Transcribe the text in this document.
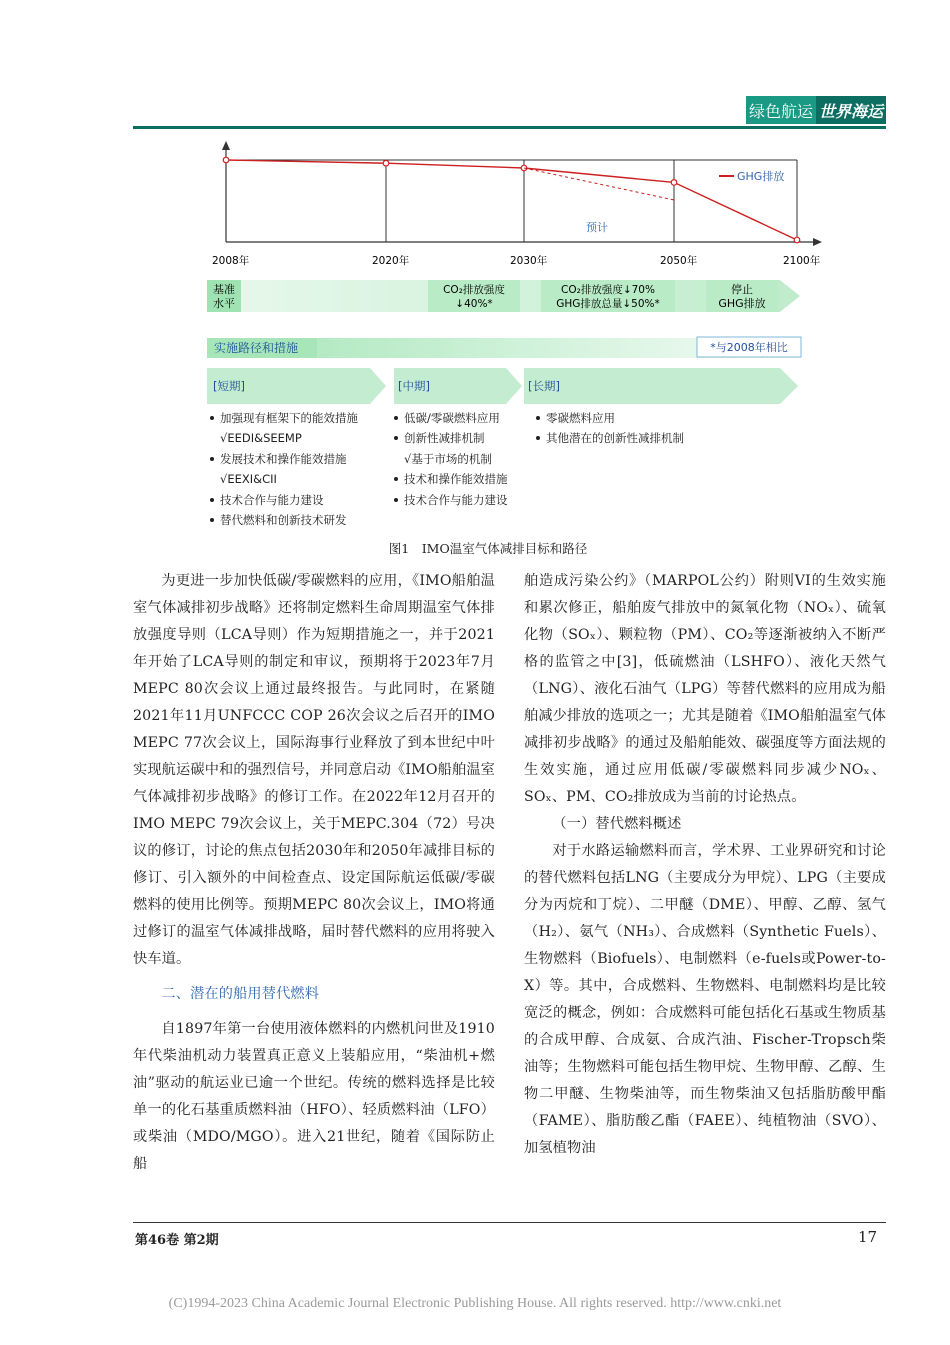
绿色航运 世界海运
GHG排放
预计
2008年	2020年	2030年	2050年	2100年
基准
水平
CO₂排放强度
↓40%*
CO₂排放强度↓70%
GHG排放总量↓50%*
停止
GHG排放
实施路径和措施	*与2008年相比
[短期]	[中期]	[长期]
加强现有框架下的能效措施
√EEDI&SEEMP
发展技术和操作能效措施
√EEXI&CII
技术合作与能力建设
替代燃料和创新技术研发
低碳/零碳燃料应用
创新性减排机制
√基于市场的机制
技术和操作能效措施
技术合作与能力建设
零碳燃料应用
其他潜在的创新性减排机制
图1　IMO温室气体减排目标和路径

为更进一步加快低碳/零碳燃料的应用，《IMO船舶温室气体减排初步战略》还将制定燃料生命周期温室气体排放强度导则（LCA导则）作为短期措施之一，并于2021年开始了LCA导则的制定和审议，预期将于2023年7月MEPC 80次会议上通过最终报告。与此同时，在紧随2021年11月UNFCCC COP 26次会议之后召开的IMO MEPC 77次会议上，国际海事行业释放了到本世纪中叶实现航运碳中和的强烈信号，并同意启动《IMO船舶温室气体减排初步战略》的修订工作。在2022年12月召开的IMO MEPC 79次会议上，关于MEPC.304（72）号决议的修订，讨论的焦点包括2030年和2050年减排目标的修订、引入额外的中间检查点、设定国际航运低碳/零碳燃料的使用比例等。预期MEPC 80次会议上，IMO将通过修订的温室气体减排战略，届时替代燃料的应用将驶入快车道。

二、潜在的船用替代燃料

自1897年第一台使用液体燃料的内燃机问世及1910年代柴油机动力装置真正意义上装船应用，“柴油机+燃油”驱动的航运业已逾一个世纪。传统的燃料选择是比较单一的化石基重质燃料油（HFO）、轻质燃料油（LFO）或柴油（MDO/MGO）。进入21世纪，随着《国际防止船

舶造成污染公约》（MARPOL公约）附则VI的生效实施和累次修正，船舶废气排放中的氮氧化物（NOₓ）、硫氧化物（SOₓ）、颗粒物（PM）、CO₂等逐渐被纳入不断严格的监管之中[3]，低硫燃油（LSHFO）、液化天然气（LNG）、液化石油气（LPG）等替代燃料的应用成为船舶减少排放的选项之一；尤其是随着《IMO船舶温室气体减排初步战略》的通过及船舶能效、碳强度等方面法规的生效实施，通过应用低碳/零碳燃料同步减少NOₓ、SOₓ、PM、CO₂排放成为当前的讨论热点。

（一）替代燃料概述

对于水路运输燃料而言，学术界、工业界研究和讨论的替代燃料包括LNG（主要成分为甲烷）、LPG（主要成分为丙烷和丁烷）、二甲醚（DME）、甲醇、乙醇、氢气（H₂）、氨气（NH₃）、合成燃料（Synthetic Fuels）、生物燃料（Biofuels）、电制燃料（e-fuels或Power-to-X）等。其中，合成燃料、生物燃料、电制燃料均是比较宽泛的概念，例如：合成燃料可能包括化石基或生物质基的合成甲醇、合成氨、合成汽油、Fischer-Tropsch柴油等；生物燃料可能包括生物甲烷、生物甲醇、乙醇、生物二甲醚、生物柴油等，而生物柴油又包括脂肪酸甲酯（FAME）、脂肪酸乙酯（FAEE）、纯植物油（SVO）、加氢植物油

第46卷 第2期	17
(C)1994-2023 China Academic Journal Electronic Publishing House. All rights reserved. http://www.cnki.net
